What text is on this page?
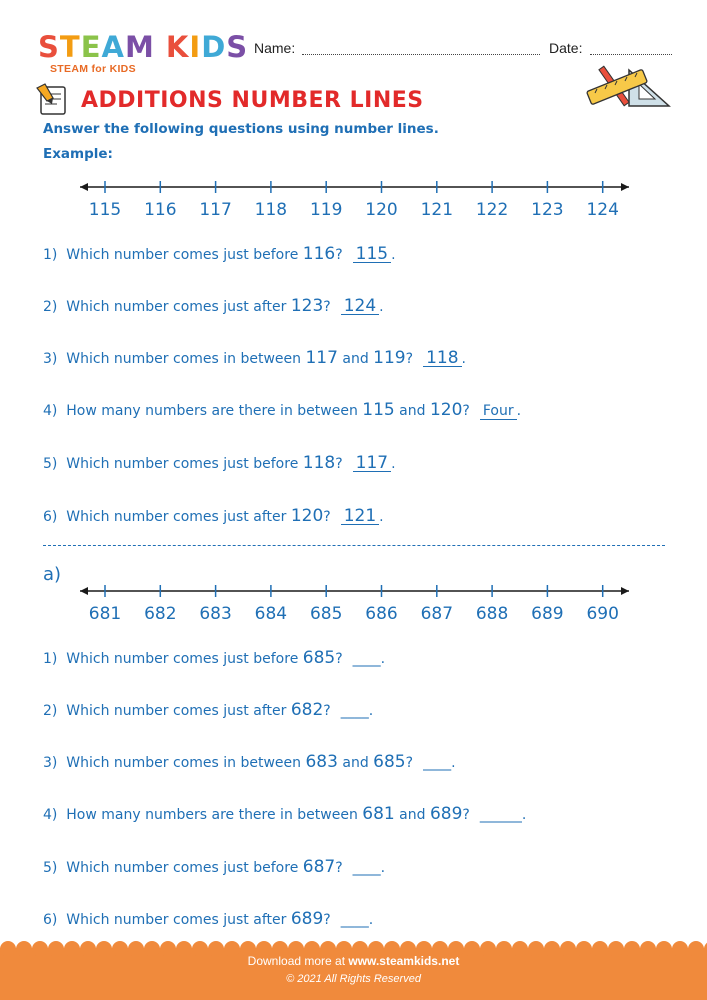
STEAM KIDS
STEAM for KIDS
Name:	Date:
ADDITIONS NUMBER LINES
Answer the following questions using number lines.
Example:
115 116 117 118 119 120 121 122 123 124
1)  Which number comes just before 116? 115 .
2)  Which number comes just after 123? 124 .
3)  Which number comes in between 117 and 119? 118 .
4)  How many numbers are there in between 115 and 120? Four .
5)  Which number comes just before 118? 117 .
6)  Which number comes just after 120? 121 .
a)
681 682 683 684 685 686 687 688 689 690
1)  Which number comes just before 685? ____.
2)  Which number comes just after 682? ____.
3)  Which number comes in between 683 and 685? ____.
4)  How many numbers are there in between 681 and 689? ______.
5)  Which number comes just before 687? ____.
6)  Which number comes just after 689? ____.
Download more at www.steamkids.net
© 2021 All Rights Reserved
